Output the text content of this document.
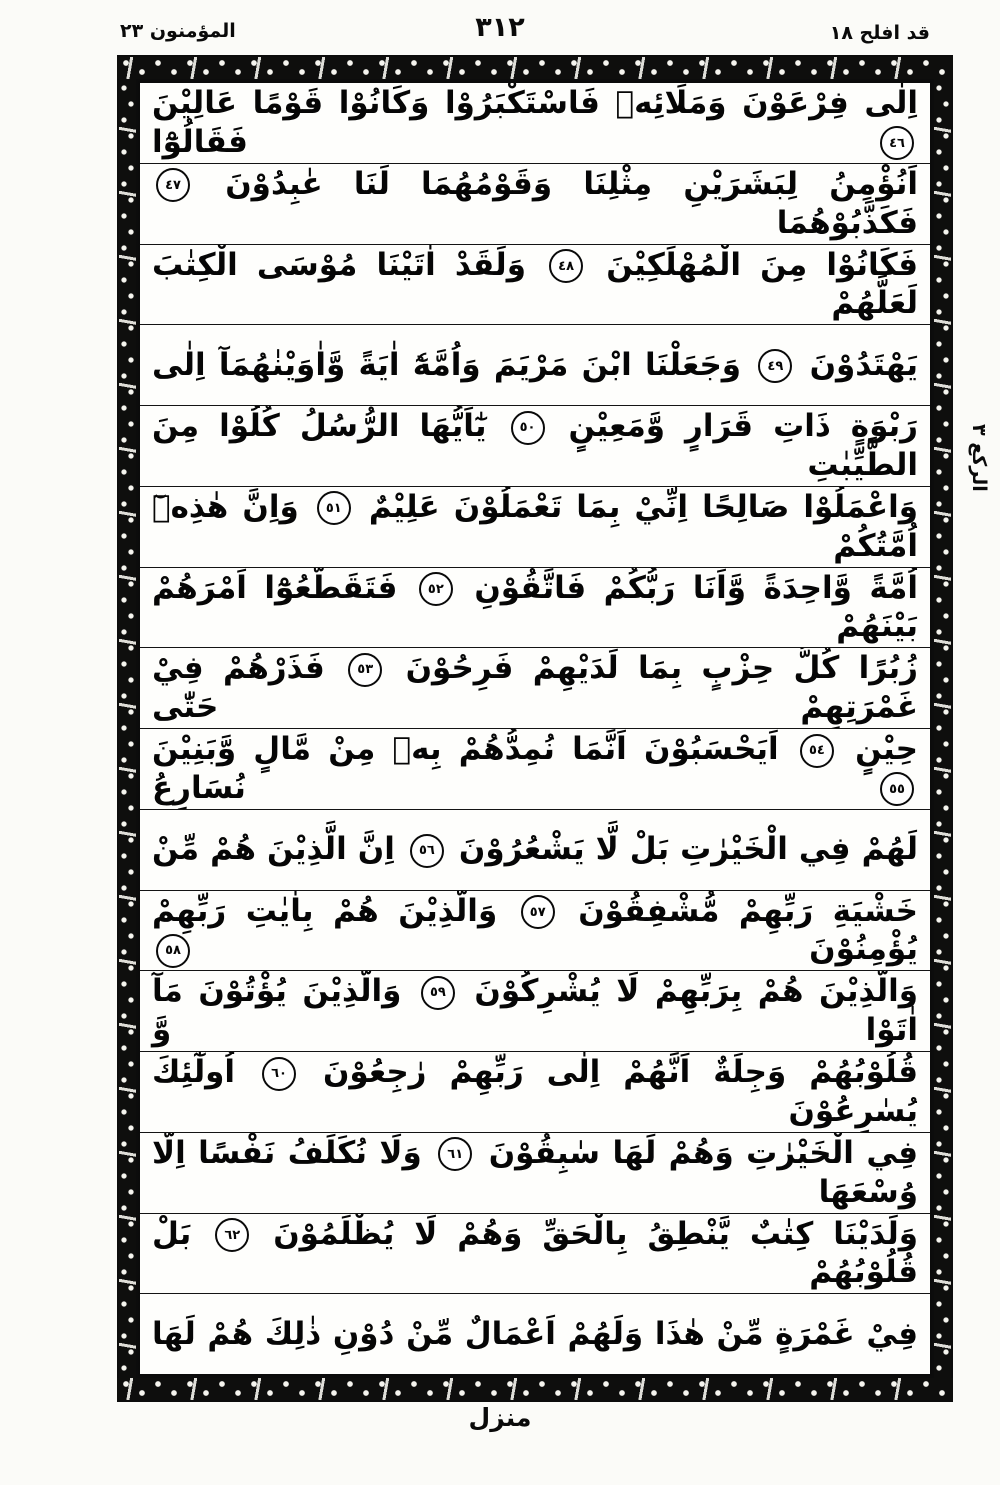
المؤمنون ٢٣	٣١٢	قد افلح ١٨
اِلٰى فِرْعَوْنَ وَمَلَائِهٖ فَاسْتَكْبَرُوْا وَكَانُوْا قَوْمًا عَالِيْنَ ٤٦ فَقَالُوْٓا
اَنُؤْمِنُ لِبَشَرَيْنِ مِثْلِنَا وَقَوْمُهُمَا لَنَا عٰبِدُوْنَ ٤٧ فَكَذَّبُوْهُمَا
فَكَانُوْا مِنَ الْمُهْلَكِيْنَ ٤٨ وَلَقَدْ اٰتَيْنَا مُوْسَى الْكِتٰبَ لَعَلَّهُمْ
يَهْتَدُوْنَ ٤٩ وَجَعَلْنَا ابْنَ مَرْيَمَ وَاُمَّهٗٓ اٰيَةً وَّاٰوَيْنٰهُمَآ اِلٰى
رَبْوَةٍ ذَاتِ قَرَارٍ وَّمَعِيْنٍ ٥٠ يٰٓاَيُّهَا الرُّسُلُ كُلُوْا مِنَ الطَّيِّبٰتِ
وَاعْمَلُوْا صَالِحًا اِنِّيْ بِمَا تَعْمَلُوْنَ عَلِيْمٌ ٥١ وَاِنَّ هٰذِهٖٓ اُمَّتُكُمْ
اُمَّةً وَّاحِدَةً وَّاَنَا رَبُّكُمْ فَاتَّقُوْنِ ٥٢ فَتَقَطَّعُوْٓا اَمْرَهُمْ بَيْنَهُمْ
زُبُرًا كُلُّ حِزْبٍ بِمَا لَدَيْهِمْ فَرِحُوْنَ ٥٣ فَذَرْهُمْ فِيْ غَمْرَتِهِمْ حَتّٰى
حِيْنٍ ٥٤ اَيَحْسَبُوْنَ اَنَّمَا نُمِدُّهُمْ بِهٖ مِنْ مَّالٍ وَّبَنِيْنَ ٥٥ نُسَارِعُ
لَهُمْ فِي الْخَيْرٰتِ بَلْ لَّا يَشْعُرُوْنَ ٥٦ اِنَّ الَّذِيْنَ هُمْ مِّنْ
خَشْيَةِ رَبِّهِمْ مُّشْفِقُوْنَ ٥٧ وَالَّذِيْنَ هُمْ بِاٰيٰتِ رَبِّهِمْ يُؤْمِنُوْنَ ٥٨
وَالَّذِيْنَ هُمْ بِرَبِّهِمْ لَا يُشْرِكُوْنَ ٥٩ وَالَّذِيْنَ يُؤْتُوْنَ مَآ اٰتَوْا وَّ
قُلُوْبُهُمْ وَجِلَةٌ اَنَّهُمْ اِلٰى رَبِّهِمْ رٰجِعُوْنَ ٦٠ اُولٰٓئِكَ يُسٰرِعُوْنَ
فِي الْخَيْرٰتِ وَهُمْ لَهَا سٰبِقُوْنَ ٦١ وَلَا نُكَلِّفُ نَفْسًا اِلَّا وُسْعَهَا
وَلَدَيْنَا كِتٰبٌ يَّنْطِقُ بِالْحَقِّ وَهُمْ لَا يُظْلَمُوْنَ ٦٢ بَلْ قُلُوْبُهُمْ
فِيْ غَمْرَةٍ مِّنْ هٰذَا وَلَهُمْ اَعْمَالٌ مِّنْ دُوْنِ ذٰلِكَ هُمْ لَهَا
الركع ٣
منزل
